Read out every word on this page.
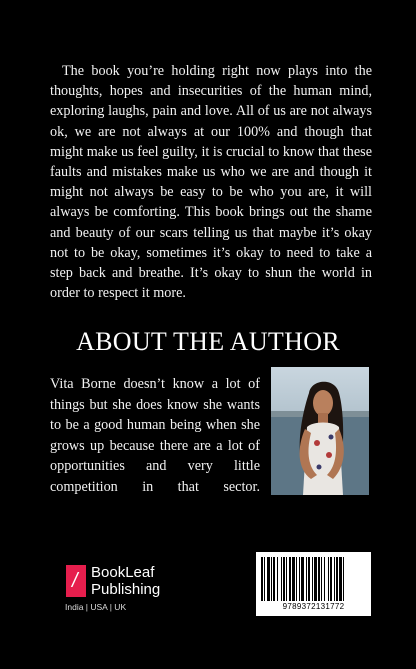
The book you’re holding right now plays into the thoughts, hopes and insecurities of the human mind, exploring laughs, pain and love. All of us are not always ok, we are not always at our 100% and though that might make us feel guilty, it is crucial to know that these faults and mistakes make us who we are and though it might not always be easy to be who you are, it will always be comforting. This book brings out the shame and beauty of our scars telling us that maybe it’s okay not to be okay, sometimes it’s okay to need to take a step back and breathe. It’s okay to shun the world in order to respect it more.

ABOUT THE AUTHOR

Vita Borne doesn’t know a lot of things but she does know she wants to be a good human being when she grows up because there are a lot of opportunities and very little competition in that sector.

/ BookLeaf
Publishing
India | USA | UK	9789372131772
